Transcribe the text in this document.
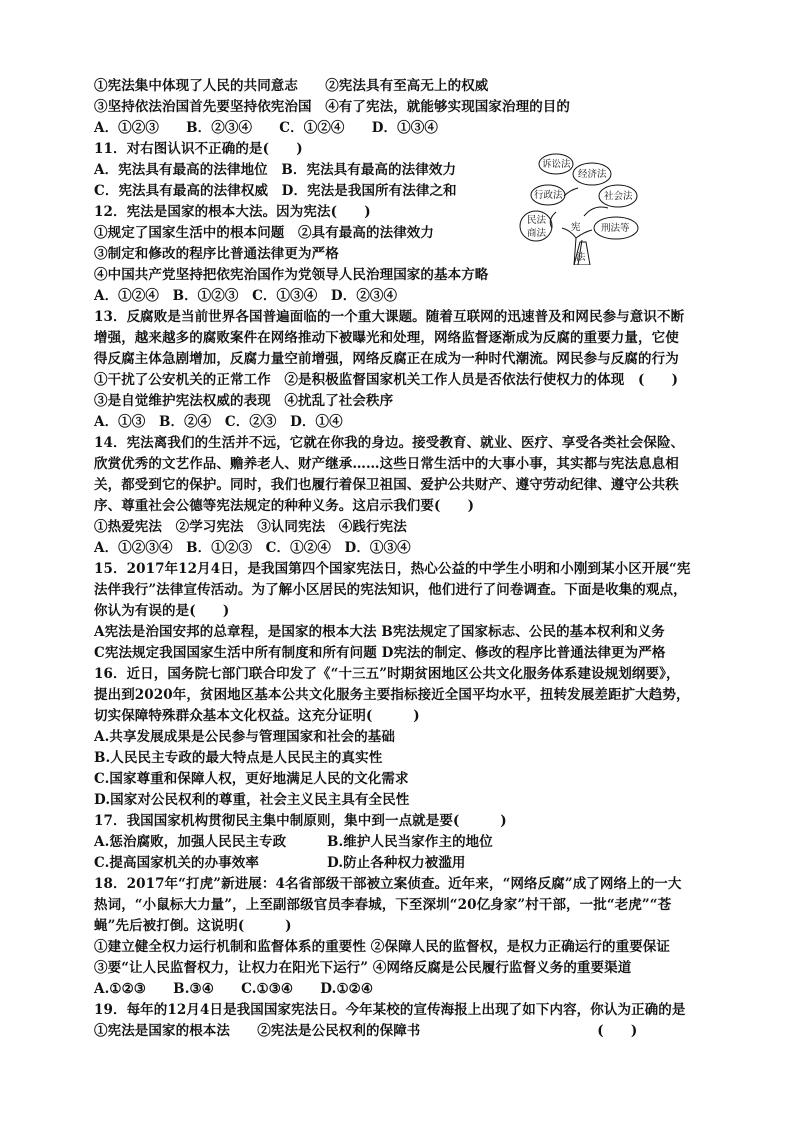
①宪法集中体现了人民的共同意志　　②宪法具有至高无上的权威
③坚持依法治国首先要坚持依宪治国　④有了宪法，就能够实现国家治理的目的
A．①②③　　B．②③④　　C．①②④　　D．①③④
11．对右图认识不正确的是(　　)
A．宪法具有最高的法律地位　B．宪法具有最高的法律效力
C．宪法具有最高的法律权威　D．宪法是我国所有法律之和
12．宪法是国家的根本大法。因为宪法(　　)
①规定了国家生活中的根本问题　②具有最高的法律效力
③制定和修改的程序比普通法律更为严格
④中国共产党坚持把依宪治国作为党领导人民治理国家的基本方略
A．①②④　B．①②③　C．①③④　D．②③④
13．反腐败是当前世界各国普遍面临的一个重大课题。随着互联网的迅速普及和网民参与意识不断
增强，越来越多的腐败案件在网络推动下被曝光和处理，网络监督逐渐成为反腐的重要力量，它使
得反腐主体急剧增加，反腐力量空前增强，网络反腐正在成为一种时代潮流。网民参与反腐的行为
①干扰了公安机关的正常工作　②是积极监督国家机关工作人员是否依法行使权力的体现　(　　)
③是自觉维护宪法权威的表现　④扰乱了社会秩序
A．①③　B．②④　C．②③　D．①④
14．宪法离我们的生活并不远，它就在你我的身边。接受教育、就业、医疗、享受各类社会保险、
欣赏优秀的文艺作品、赡养老人、财产继承……这些日常生活中的大事小事，其实都与宪法息息相
关，都受到它的保护。同时，我们也履行着保卫祖国、爱护公共财产、遵守劳动纪律、遵守公共秩
序、尊重社会公德等宪法规定的种种义务。这启示我们要(　　)
①热爱宪法　②学习宪法　③认同宪法　④践行宪法
A．①②③④　B．①②③　C．①②④　D．①③④
15．2017年12月4日，是我国第四个国家宪法日，热心公益的中学生小明和小刚到某小区开展“宪
法伴我行”法律宣传活动。为了解小区居民的宪法知识，他们进行了问卷调查。下面是收集的观点，
你认为有误的是(　　)
A宪法是治国安邦的总章程，是国家的根本大法 B宪法规定了国家标志、公民的基本权利和义务
C宪法规定我国国家生活中所有制度和所有问题 D宪法的制定、修改的程序比普通法律更为严格
16．近日，国务院七部门联合印发了《“十三五”时期贫困地区公共文化服务体系建设规划纲要》，
提出到2020年，贫困地区基本公共文化服务主要指标接近全国平均水平，扭转发展差距扩大趋势，
切实保障特殊群众基本文化权益。这充分证明(　　　)
A.共享发展成果是公民参与管理国家和社会的基础
B.人民民主专政的最大特点是人民民主的真实性
C.国家尊重和保障人权，更好地满足人民的文化需求
D.国家对公民权利的尊重，社会主义民主具有全民性
17．我国国家机构贯彻民主集中制原则，集中到一点就是要(　　　)
A.惩治腐败，加强人民民主专政　　　B.维护人民当家作主的地位
C.提高国家机关的办事效率　　　　　D.防止各种权力被滥用
18．2017年“打虎”新进展：4名省部级干部被立案侦查。近年来，“网络反腐”成了网络上的一大
热词，“小鼠标大力量”，上至副部级官员李春城，下至深圳“20亿身家”村干部，一批“老虎”“苍
蝇”先后被打倒。这说明(　　　)
①建立健全权力运行机制和监督体系的重要性 ②保障人民的监督权，是权力正确运行的重要保证
③要“让人民监督权力，让权力在阳光下运行” ④网络反腐是公民履行监督义务的重要渠道
A.①②③　　B.③④　　C.①③④　　D.①②④
19．每年的12月4日是我国国家宪法日。今年某校的宣传海报上出现了如下内容，你认为正确的是
①宪法是国家的根本法　　②宪法是公民权利的保障书　　　　　　　　　　　　　(　　)
诉讼法
经济法
行政法	社会法
民法
商法	刑法等
宪
法
